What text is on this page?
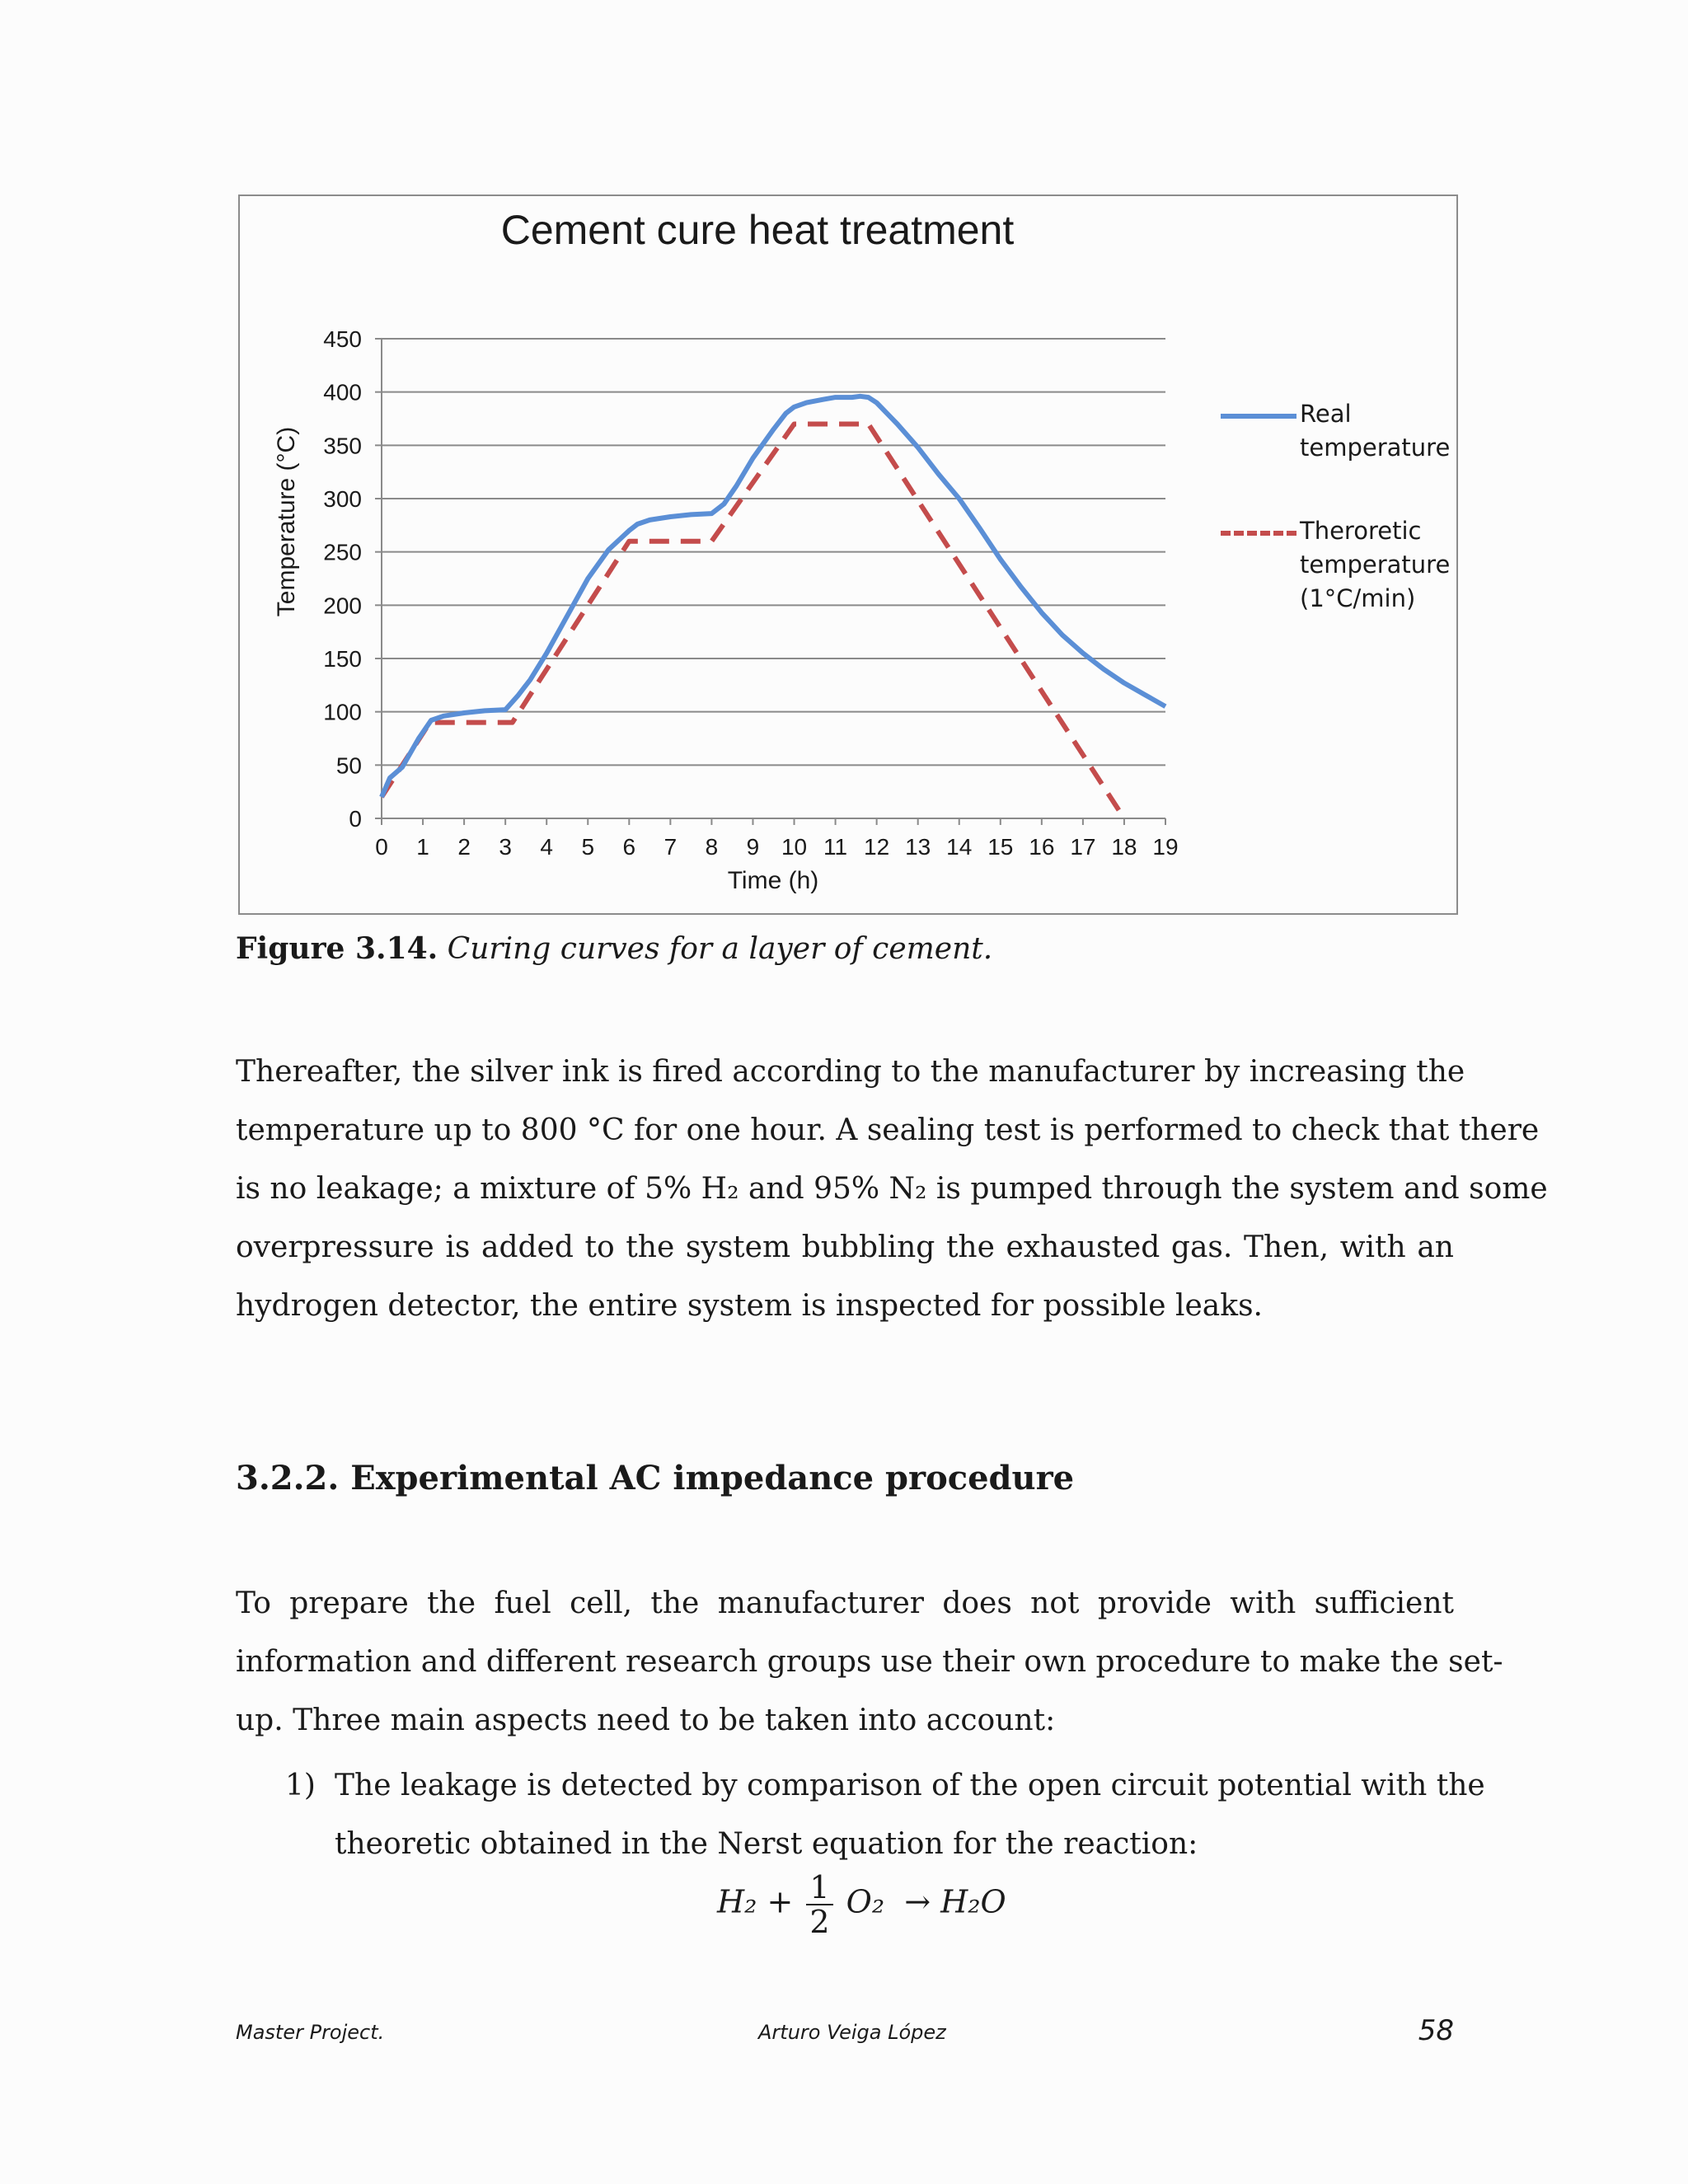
Cement cure heat treatment
0
50
100
150
200
250
300
350
400
450
0 1 2 3 4 5 6 7 8 9 10 11 12 13 14 15 16 17 18 19
Time (h)
Temperature (°C)
Real
temperature
Theroretic
temperature
(1°C/min)
Figure 3.14. Curing curves for a layer of cement.
Thereafter, the silver ink is fired according to the manufacturer by increasing the
temperature up to 800 °C for one hour. A sealing test is performed to check that there
is no leakage; a mixture of 5% H₂ and 95% N₂ is pumped through the system and some
overpressure is added to the system bubbling the exhausted gas. Then, with an
hydrogen detector, the entire system is inspected for possible leaks.
3.2.2. Experimental AC impedance procedure
To prepare the fuel cell, the manufacturer does not provide with sufficient
information and different research groups use their own procedure to make the set-
up. Three main aspects need to be taken into account:
1) The leakage is detected by comparison of the open circuit potential with the
theoretic obtained in the Nerst equation for the reaction:
$H_2 + \frac{1}{2} O_2 \to H_2O$
Master Project.	Arturo Veiga López	58
